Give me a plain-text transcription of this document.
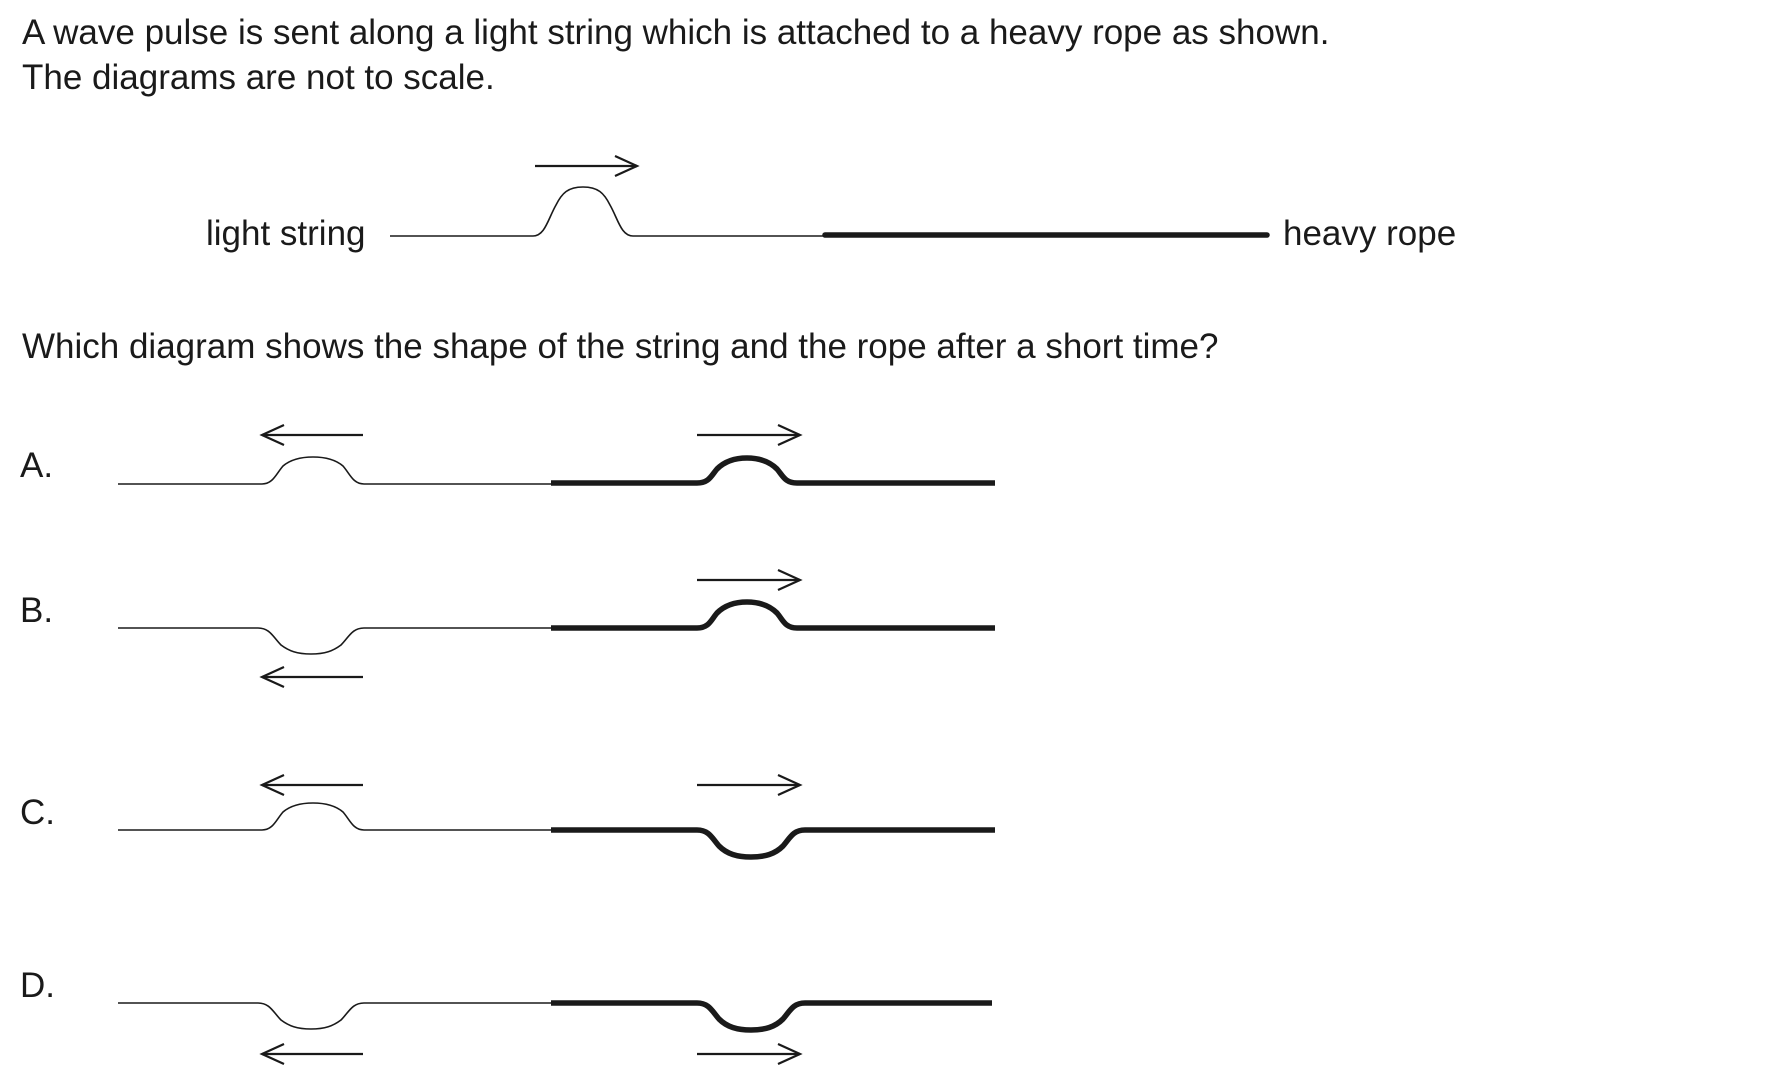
A wave pulse is sent along a light string which is attached to a heavy rope as shown.
The diagrams are not to scale.
light string	heavy rope
Which diagram shows the shape of the string and the rope after a short time?
A.
B.
C.
D.
